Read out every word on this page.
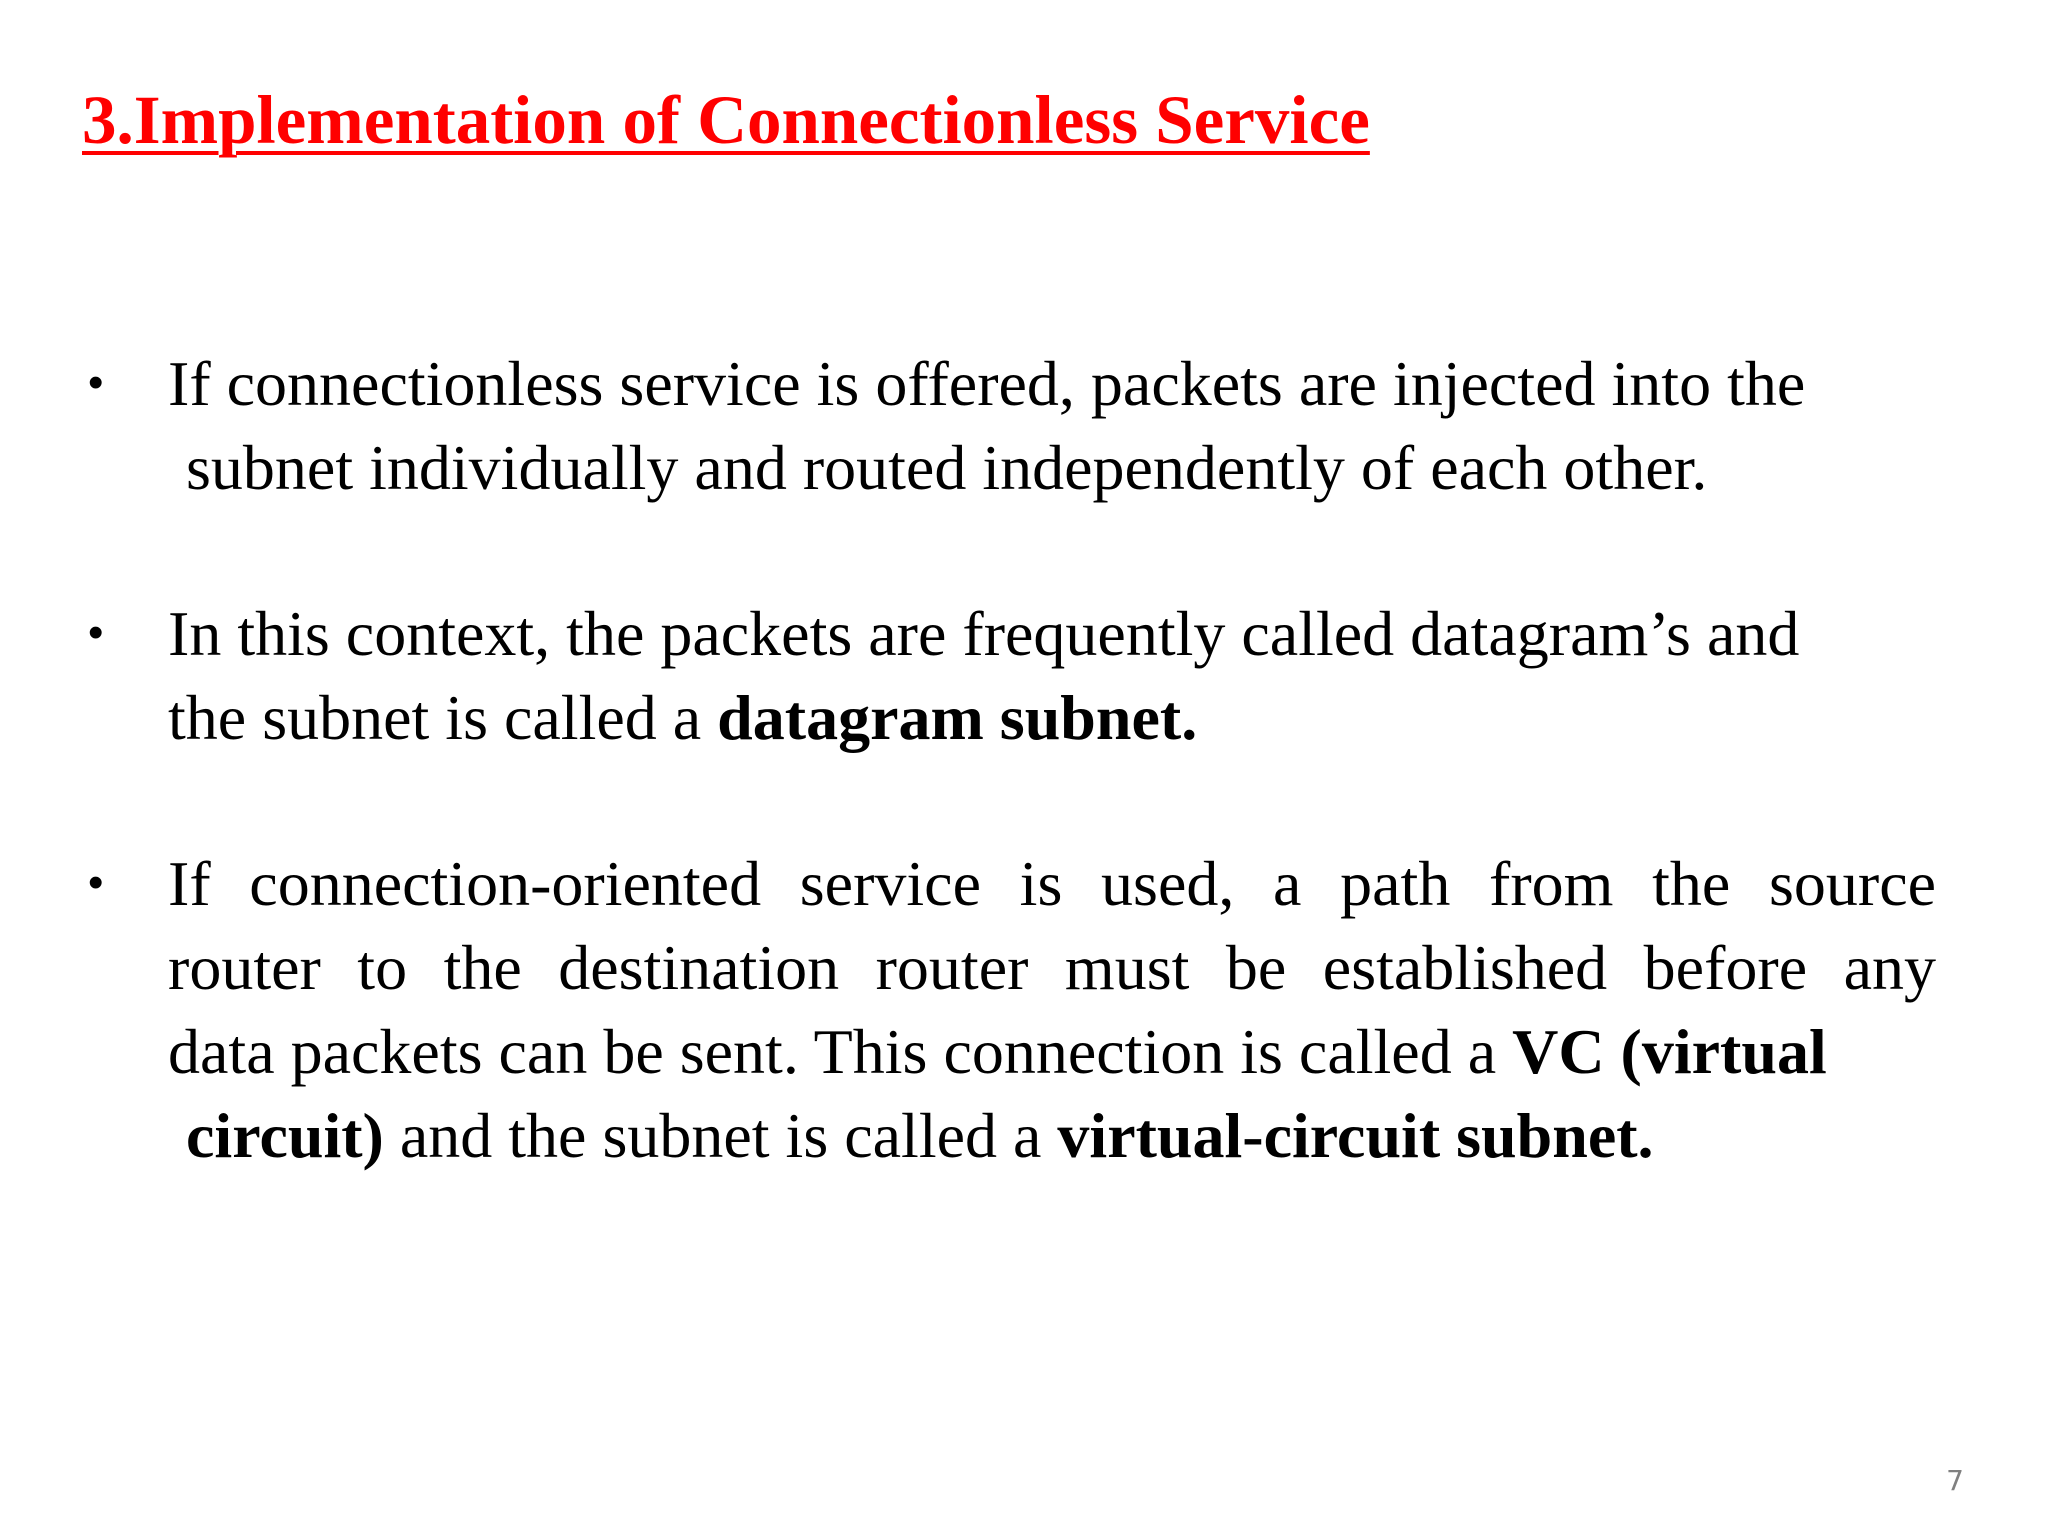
3.Implementation of Connectionless Service
• If connectionless service is offered, packets are injected into the
subnet individually and routed independently of each other.

• In this context, the packets are frequently called datagram’s and
the subnet is called a datagram subnet.

• If connection-oriented service is used, a path from the source
router to the destination router must be established before any
data packets can be sent. This connection is called a VC (virtual
circuit) and the subnet is called a virtual-circuit subnet.

7
